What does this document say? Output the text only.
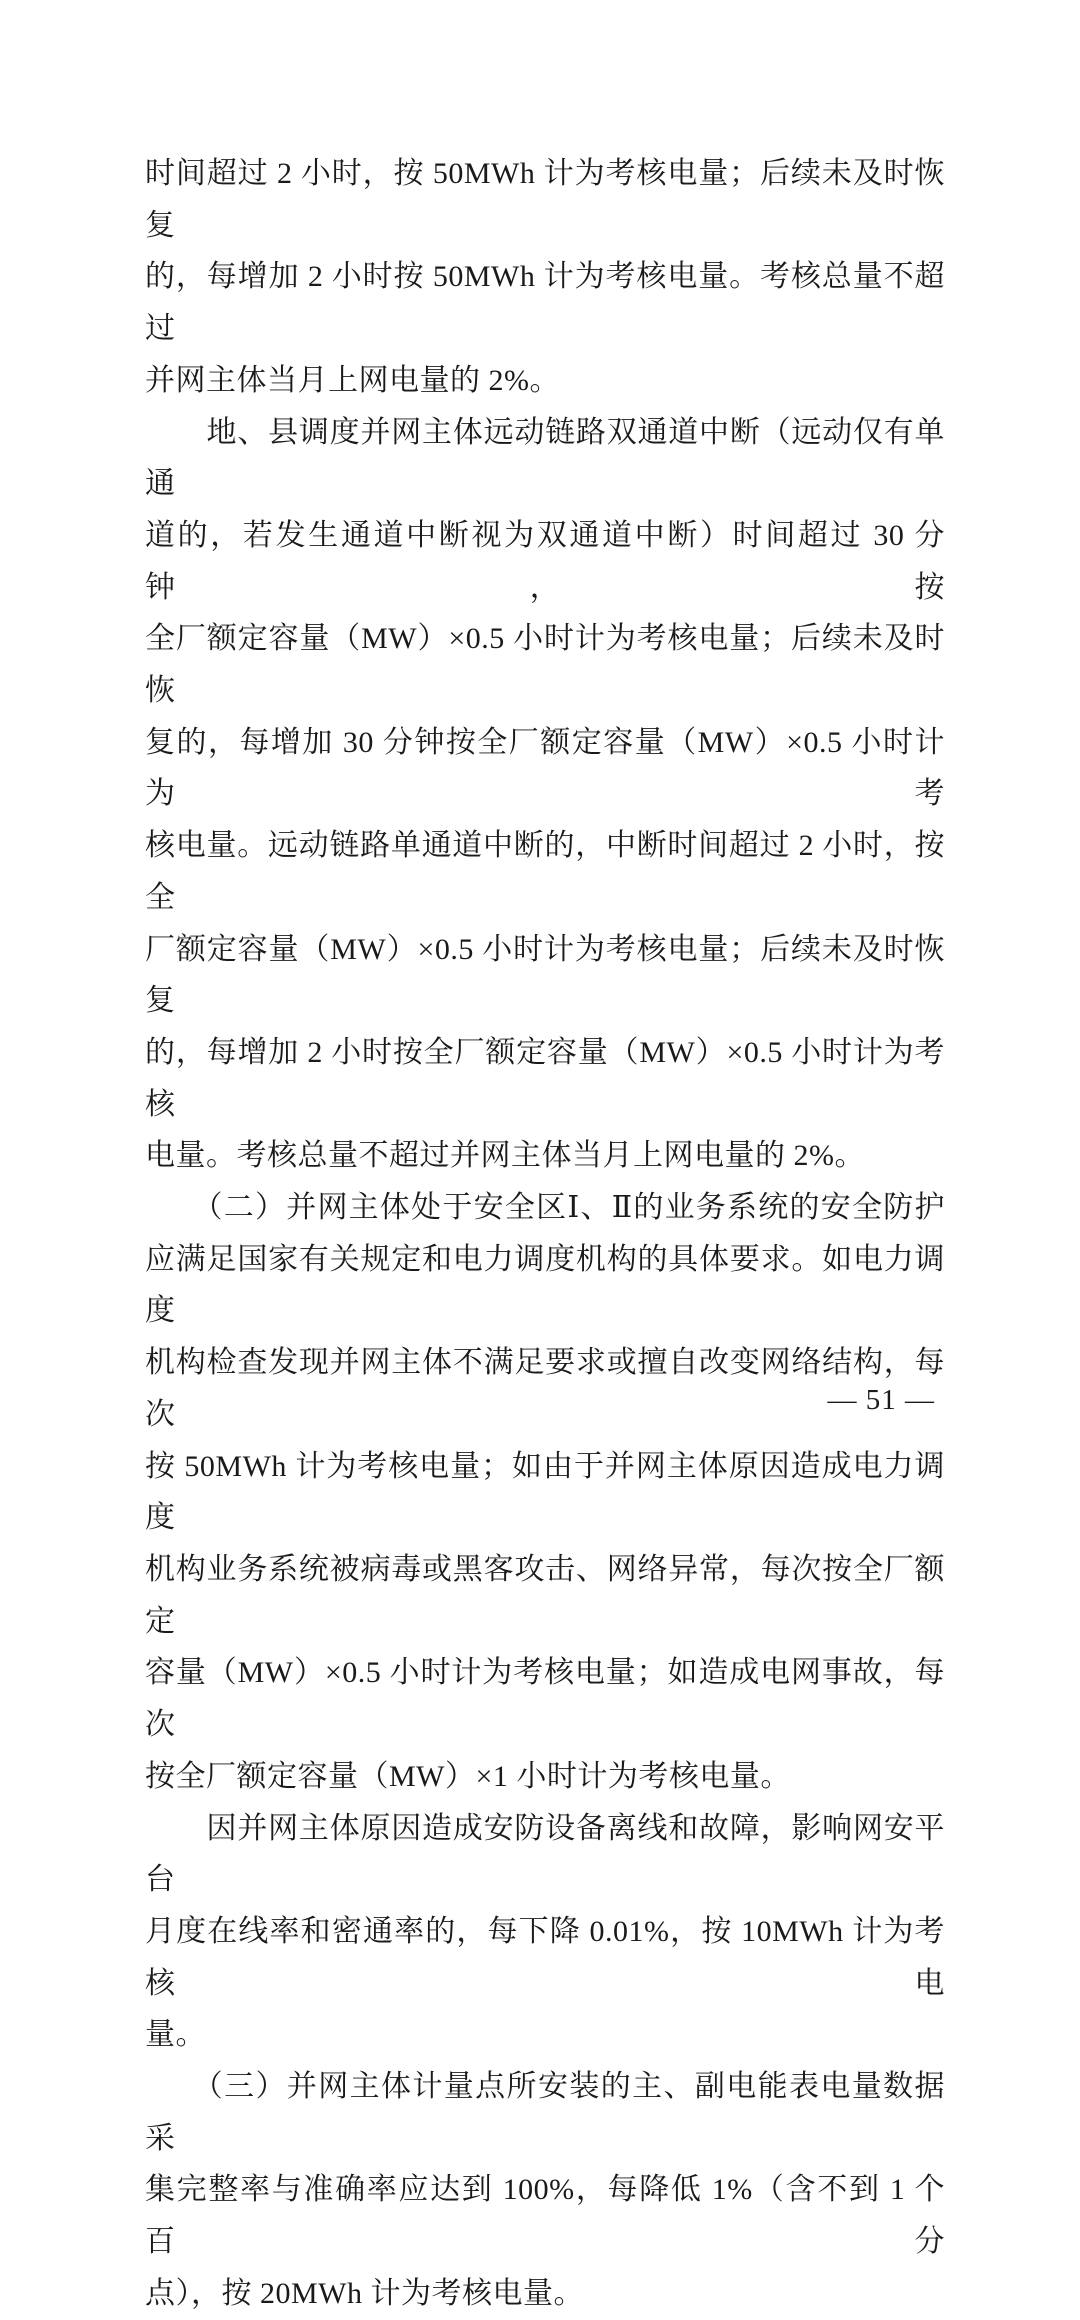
时间超过 2 小时，按 50MWh 计为考核电量；后续未及时恢复
的，每增加 2 小时按 50MWh 计为考核电量。考核总量不超过
并网主体当月上网电量的 2%。
　　地、县调度并网主体远动链路双通道中断（远动仅有单通
道的，若发生通道中断视为双通道中断）时间超过 30 分钟，按
全厂额定容量（MW）×0.5 小时计为考核电量；后续未及时恢
复的，每增加 30 分钟按全厂额定容量（MW）×0.5 小时计为考
核电量。远动链路单通道中断的，中断时间超过 2 小时，按全
厂额定容量（MW）×0.5 小时计为考核电量；后续未及时恢复
的，每增加 2 小时按全厂额定容量（MW）×0.5 小时计为考核
电量。考核总量不超过并网主体当月上网电量的 2%。
　　（二）并网主体处于安全区Ⅰ、Ⅱ的业务系统的安全防护
应满足国家有关规定和电力调度机构的具体要求。如电力调度
机构检查发现并网主体不满足要求或擅自改变网络结构，每次
按 50MWh 计为考核电量；如由于并网主体原因造成电力调度
机构业务系统被病毒或黑客攻击、网络异常，每次按全厂额定
容量（MW）×0.5 小时计为考核电量；如造成电网事故，每次
按全厂额定容量（MW）×1 小时计为考核电量。
　　因并网主体原因造成安防设备离线和故障，影响网安平台
月度在线率和密通率的，每下降 0.01%，按 10MWh 计为考核电
量。
　　（三）并网主体计量点所安装的主、副电能表电量数据采
集完整率与准确率应达到 100%，每降低 1%（含不到 1 个百分
点），按 20MWh 计为考核电量。
— 51 —
